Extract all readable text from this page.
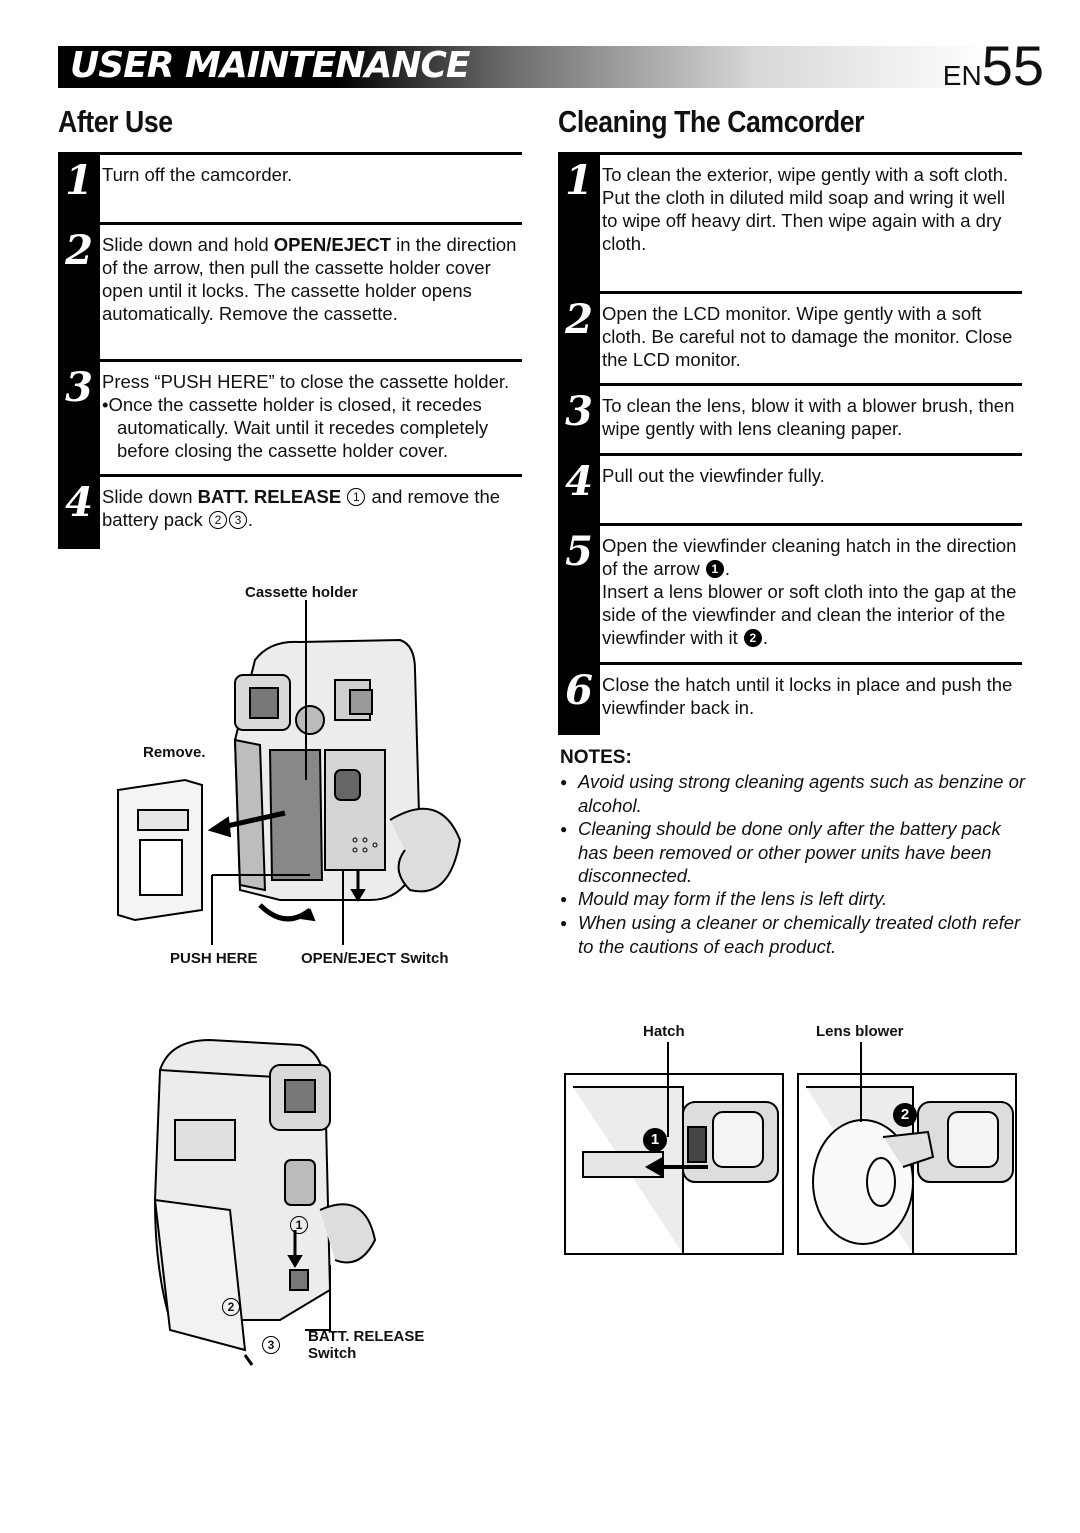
USER MAINTENANCE	EN55
After Use
1 Turn off the camcorder.
2 Slide down and hold OPEN/EJECT in the direction of the arrow, then pull the cassette holder cover open until it locks. The cassette holder opens automatically. Remove the cassette.
3 Press “PUSH HERE” to close the cassette holder.
•Once the cassette holder is closed, it recedes automatically. Wait until it recedes completely before closing the cassette holder cover.
4 Slide down BATT. RELEASE 1 and remove the battery pack 2 3 .
Cleaning The Camcorder
1 To clean the exterior, wipe gently with a soft cloth.
Put the cloth in diluted mild soap and wring it well to wipe off heavy dirt. Then wipe again with a dry cloth.
2 Open the LCD monitor. Wipe gently with a soft cloth. Be careful not to damage the monitor. Close the LCD monitor.
3 To clean the lens, blow it with a blower brush, then wipe gently with lens cleaning paper.
4 Pull out the viewfinder fully.
5 Open the viewfinder cleaning hatch in the direction of the arrow 1 .
Insert a lens blower or soft cloth into the gap at the side of the viewfinder and clean the interior of the viewfinder with it 2 .
6 Close the hatch until it locks in place and push the viewfinder back in.
NOTES:
● Avoid using strong cleaning agents such as benzine or alcohol.
● Cleaning should be done only after the battery pack has been removed or other power units have been disconnected.
● Mould may form if the lens is left dirty.
● When using a cleaner or chemically treated cloth refer to the cautions of each product.
Cassette holder
Remove.
PUSH HERE	OPEN/EJECT Switch
1
2
3	BATT. RELEASE
Switch
Hatch	Lens blower
1
2
